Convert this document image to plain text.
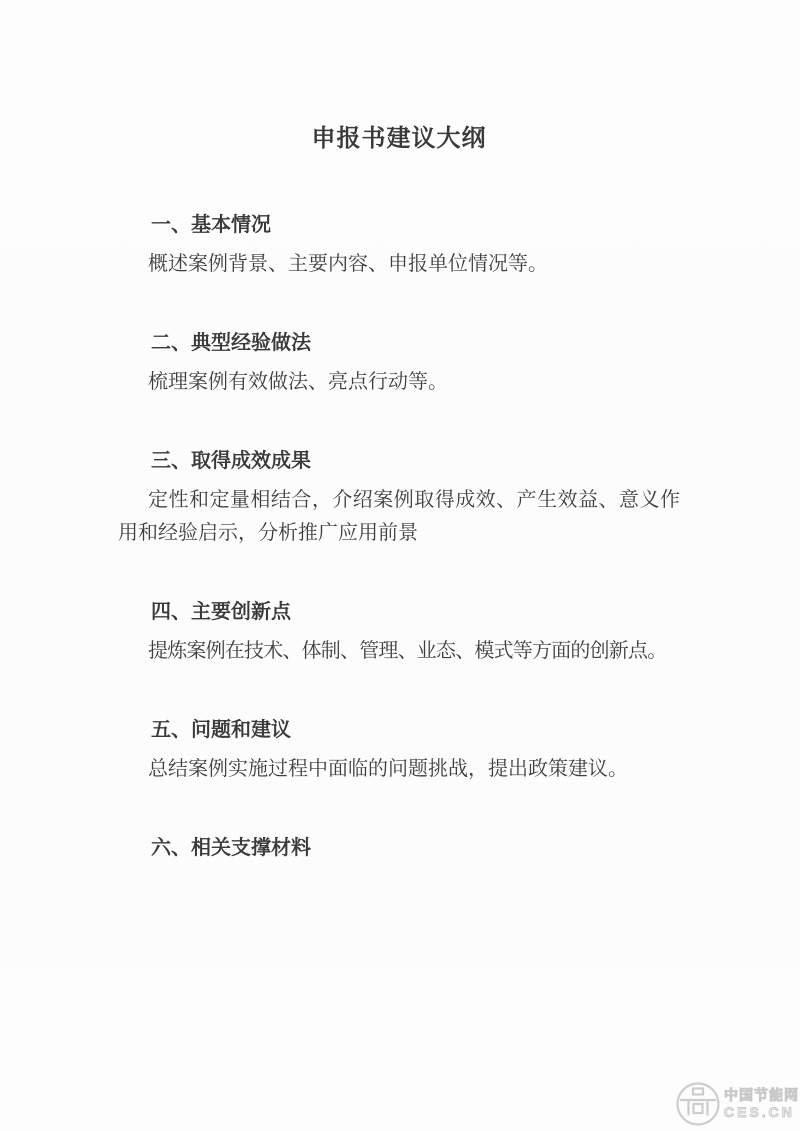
申报书建议大纲
一、基本情况

概述案例背景、主要内容、申报单位情况等。

二、典型经验做法

梳理案例有效做法、亮点行动等。

三、取得成效成果

定性和定量相结合，介绍案例取得成效、产生效益、意义作用和经验启示，分析推广应用前景

四、主要创新点

提炼案例在技术、体制、管理、业态、模式等方面的创新点。

五、问题和建议

总结案例实施过程中面临的问题挑战，提出政策建议。

六、相关支撑材料
中国节能网
CES.CN
